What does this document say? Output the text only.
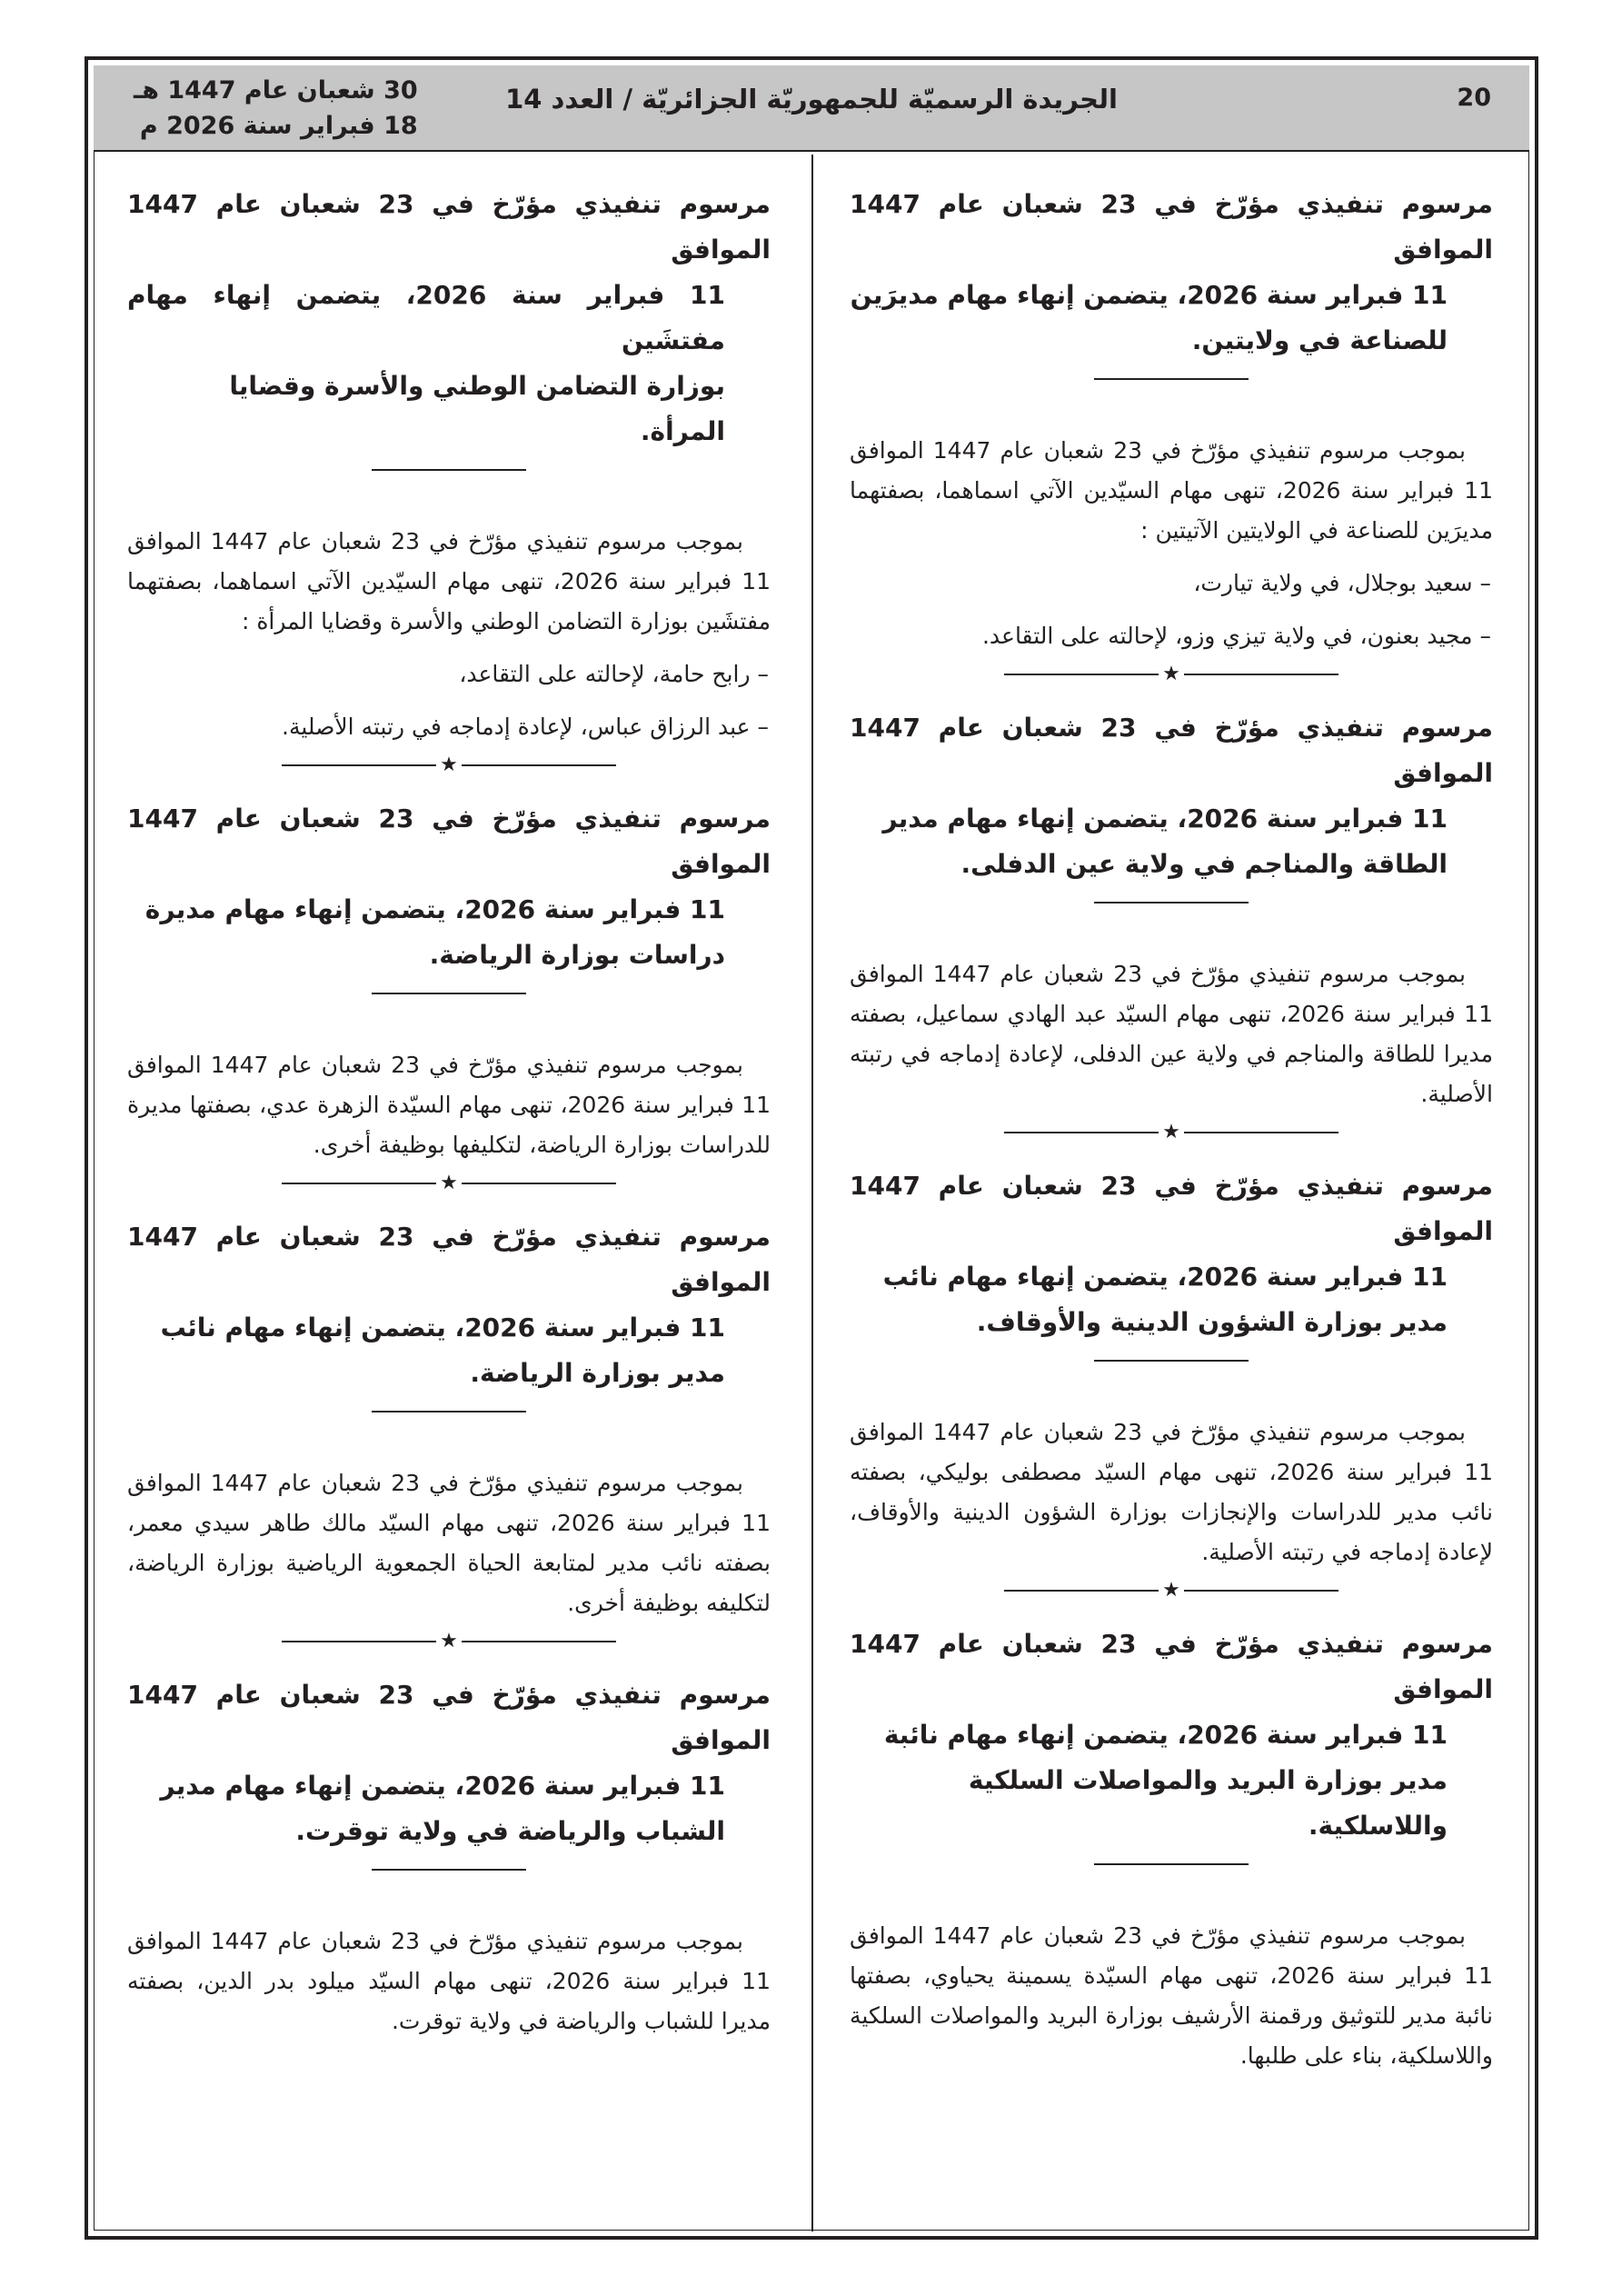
20
الجريدة الرسميّة للجمهوريّة الجزائريّة / العدد 14
30 شعبان عام 1447 هـ
18 فبراير سنة 2026 م
مرسوم تنفيذي مؤرّخ في 23 شعبان عام 1447 الموافق
11 فبراير سنة 2026، يتضمن إنهاء مهام مديرَين
للصناعة في ولايتين.

بموجب مرسوم تنفيذي مؤرّخ في 23 شعبان عام 1447 الموافق 11 فبراير سنة 2026، تنهى مهام السيّدين الآتي اسماهما، بصفتهما مديرَين للصناعة في الولايتين الآتيتين :

– سعيد بوجلال، في ولاية تيارت،

– مجيد بعنون، في ولاية تيزي وزو، لإحالته على التقاعد.

★
مرسوم تنفيذي مؤرّخ في 23 شعبان عام 1447 الموافق
11 فبراير سنة 2026، يتضمن إنهاء مهام مدير
الطاقة والمناجم في ولاية عين الدفلى.

بموجب مرسوم تنفيذي مؤرّخ في 23 شعبان عام 1447 الموافق 11 فبراير سنة 2026، تنهى مهام السيّد عبد الهادي سماعيل، بصفته مديرا للطاقة والمناجم في ولاية عين الدفلى، لإعادة إدماجه في رتبته الأصلية.

★
مرسوم تنفيذي مؤرّخ في 23 شعبان عام 1447 الموافق
11 فبراير سنة 2026، يتضمن إنهاء مهام نائب
مدير بوزارة الشؤون الدينية والأوقاف.

بموجب مرسوم تنفيذي مؤرّخ في 23 شعبان عام 1447 الموافق 11 فبراير سنة 2026، تنهى مهام السيّد مصطفى بوليكي، بصفته نائب مدير للدراسات والإنجازات بوزارة الشؤون الدينية والأوقاف، لإعادة إدماجه في رتبته الأصلية.

★
مرسوم تنفيذي مؤرّخ في 23 شعبان عام 1447 الموافق
11 فبراير سنة 2026، يتضمن إنهاء مهام نائبة
مدير بوزارة البريد والمواصلات السلكية
واللاسلكية.

بموجب مرسوم تنفيذي مؤرّخ في 23 شعبان عام 1447 الموافق 11 فبراير سنة 2026، تنهى مهام السيّدة يسمينة يحياوي، بصفتها نائبة مدير للتوثيق ورقمنة الأرشيف بوزارة البريد والمواصلات السلكية واللاسلكية، بناء على طلبها.

مرسوم تنفيذي مؤرّخ في 23 شعبان عام 1447 الموافق
11 فبراير سنة 2026، يتضمن إنهاء مهام مفتشَين
بوزارة التضامن الوطني والأسرة وقضايا
المرأة.

بموجب مرسوم تنفيذي مؤرّخ في 23 شعبان عام 1447 الموافق 11 فبراير سنة 2026، تنهى مهام السيّدين الآتي اسماهما، بصفتهما مفتشَين بوزارة التضامن الوطني والأسرة وقضايا المرأة :

– رابح حامة، لإحالته على التقاعد،

– عبد الرزاق عباس، لإعادة إدماجه في رتبته الأصلية.

★
مرسوم تنفيذي مؤرّخ في 23 شعبان عام 1447 الموافق
11 فبراير سنة 2026، يتضمن إنهاء مهام مديرة
دراسات بوزارة الرياضة.

بموجب مرسوم تنفيذي مؤرّخ في 23 شعبان عام 1447 الموافق 11 فبراير سنة 2026، تنهى مهام السيّدة الزهرة عدي، بصفتها مديرة للدراسات بوزارة الرياضة، لتكليفها بوظيفة أخرى.

★
مرسوم تنفيذي مؤرّخ في 23 شعبان عام 1447 الموافق
11 فبراير سنة 2026، يتضمن إنهاء مهام نائب
مدير بوزارة الرياضة.

بموجب مرسوم تنفيذي مؤرّخ في 23 شعبان عام 1447 الموافق 11 فبراير سنة 2026، تنهى مهام السيّد مالك طاهر سيدي معمر، بصفته نائب مدير لمتابعة الحياة الجمعوية الرياضية بوزارة الرياضة، لتكليفه بوظيفة أخرى.

★
مرسوم تنفيذي مؤرّخ في 23 شعبان عام 1447 الموافق
11 فبراير سنة 2026، يتضمن إنهاء مهام مدير
الشباب والرياضة في ولاية توقرت.

بموجب مرسوم تنفيذي مؤرّخ في 23 شعبان عام 1447 الموافق 11 فبراير سنة 2026، تنهى مهام السيّد ميلود بدر الدين، بصفته مديرا للشباب والرياضة في ولاية توقرت.
